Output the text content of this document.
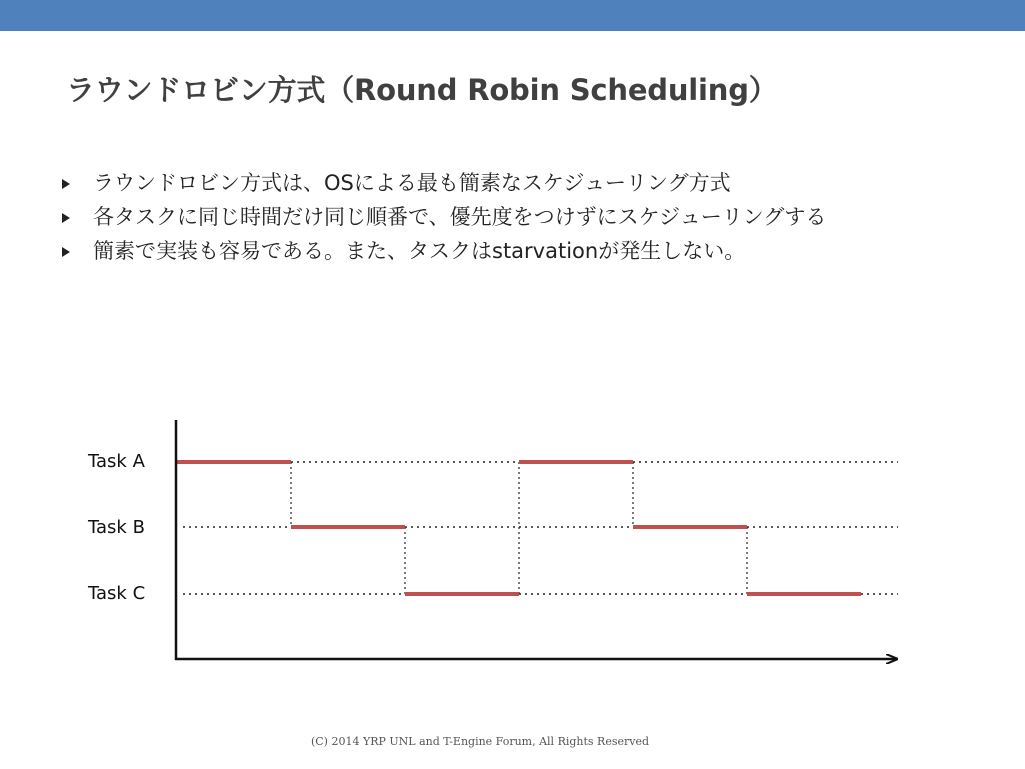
ラウンドロビン方式（Round Robin Scheduling）
ラウンドロビン方式は、OSによる最も簡素なスケジューリング方式
各タスクに同じ時間だけ同じ順番で、優先度をつけずにスケジューリングする
簡素で実装も容易である。また、タスクはstarvationが発生しない。
Task A
Task B
Task C
(C) 2014 YRP UNL and T-Engine Forum, All Rights Reserved
